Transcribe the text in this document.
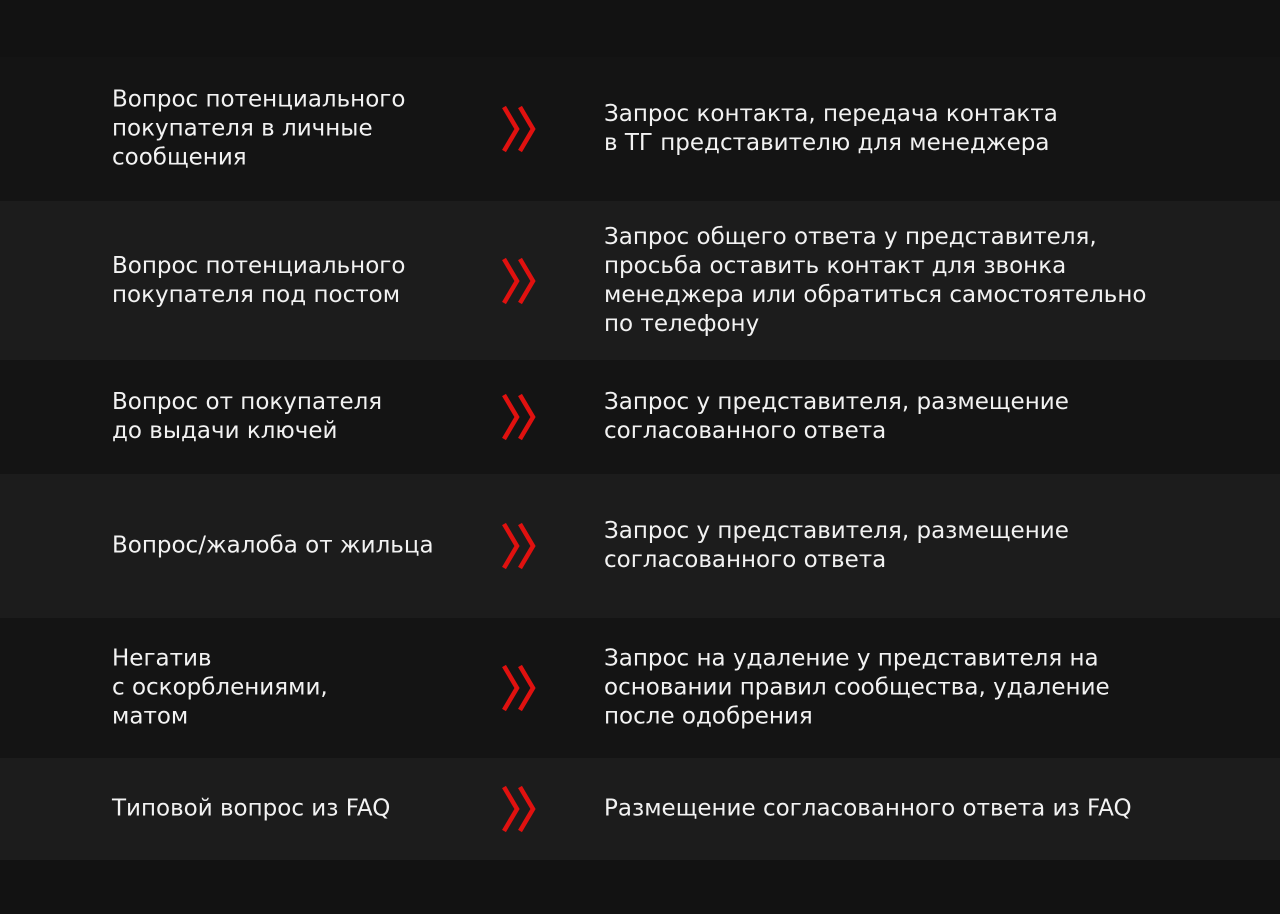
Вопрос потенциального
покупателя в личные
сообщения
Запрос контакта, передача контакта
в ТГ представителю для менеджера
Вопрос потенциального
покупателя под постом
Запрос общего ответа у представителя,
просьба оставить контакт для звонка
менеджера или обратиться самостоятельно
по телефону
Вопрос от покупателя
до выдачи ключей
Запрос у представителя, размещение
согласованного ответа
Вопрос/жалоба от жильца
Запрос у представителя, размещение
согласованного ответа
Негатив
с оскорблениями,
матом
Запрос на удаление у представителя на
основании правил сообщества, удаление
после одобрения
Типовой вопрос из FAQ	Размещение согласованного ответа из FAQ
